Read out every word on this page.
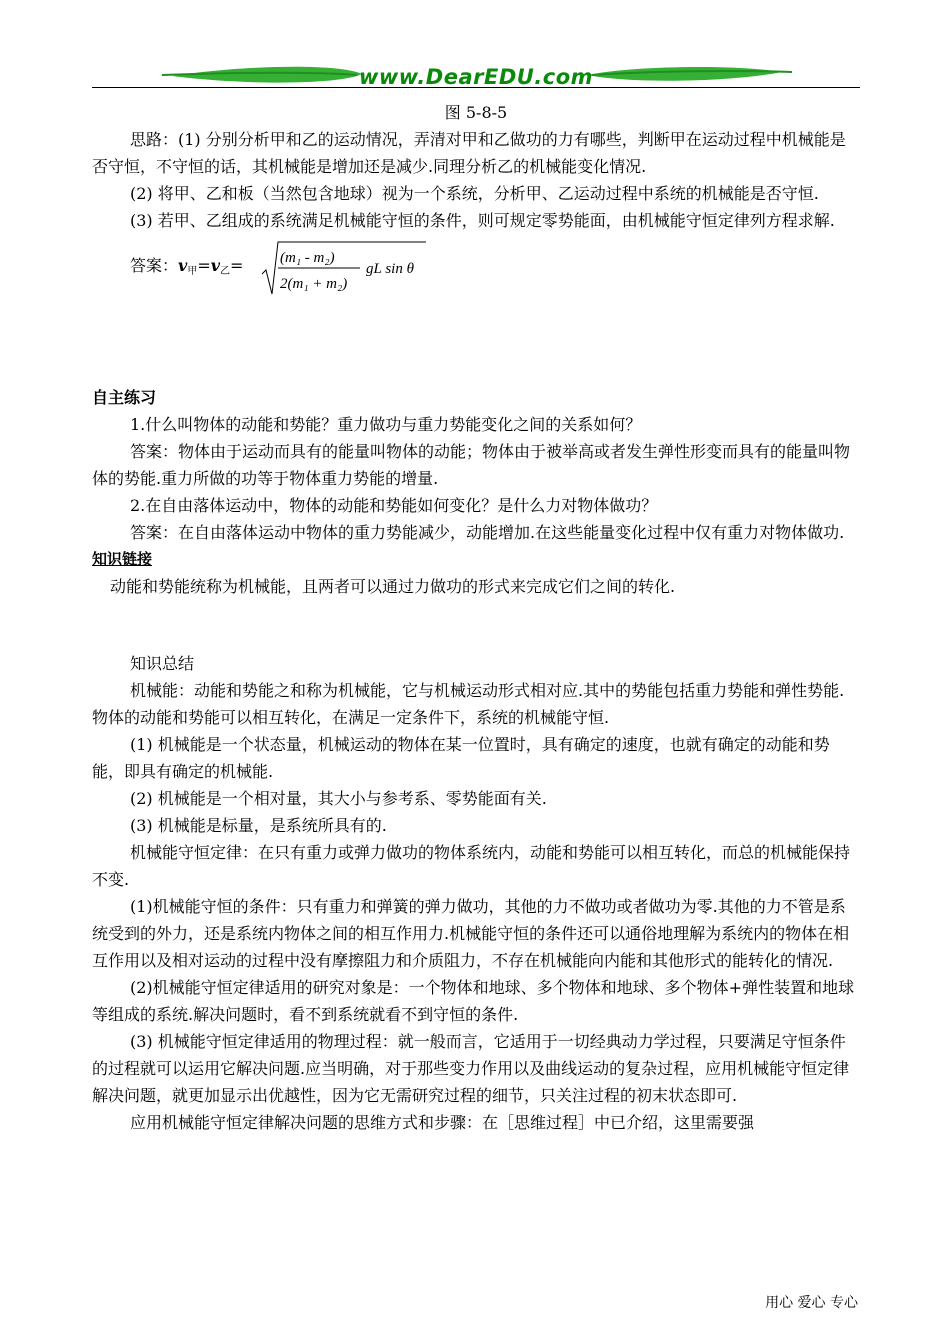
www.DearEDU.com

图 5-8-5

思路：(1) 分别分析甲和乙的运动情况，弄清对甲和乙做功的力有哪些，判断甲在运动过程中机械能是否守恒，不守恒的话，其机械能是增加还是减少.同理分析乙的机械能变化情况.

(2) 将甲、乙和板（当然包含地球）视为一个系统，分析甲、乙运动过程中系统的机械能是否守恒.

(3) 若甲、乙组成的系统满足机械能守恒的条件，则可规定零势能面，由机械能守恒定律列方程求解.

答案：$v_甲=v_乙= (m_1 - m_2)$
2(m₁ + m₂)
gL sin θ

自主练习

1.什么叫物体的动能和势能？重力做功与重力势能变化之间的关系如何？

答案：物体由于运动而具有的能量叫物体的动能；物体由于被举高或者发生弹性形变而具有的能量叫物体的势能.重力所做的功等于物体重力势能的增量.

2.在自由落体运动中，物体的动能和势能如何变化？是什么力对物体做功？

答案：在自由落体运动中物体的重力势能减少，动能增加.在这些能量变化过程中仅有重力对物体做功.

知识链接

动能和势能统称为机械能，且两者可以通过力做功的形式来完成它们之间的转化.

知识总结

机械能：动能和势能之和称为机械能，它与机械运动形式相对应.其中的势能包括重力势能和弹性势能.物体的动能和势能可以相互转化，在满足一定条件下，系统的机械能守恒.

(1) 机械能是一个状态量，机械运动的物体在某一位置时，具有确定的速度，也就有确定的动能和势能，即具有确定的机械能.

(2) 机械能是一个相对量，其大小与参考系、零势能面有关.

(3) 机械能是标量，是系统所具有的.

机械能守恒定律：在只有重力或弹力做功的物体系统内，动能和势能可以相互转化，而总的机械能保持不变.

(1)机械能守恒的条件：只有重力和弹簧的弹力做功，其他的力不做功或者做功为零.其他的力不管是系统受到的外力，还是系统内物体之间的相互作用力.机械能守恒的条件还可以通俗地理解为系统内的物体在相互作用以及相对运动的过程中没有摩擦阻力和介质阻力，不存在机械能向内能和其他形式的能转化的情况.

(2)机械能守恒定律适用的研究对象是：一个物体和地球、多个物体和地球、多个物体+弹性装置和地球等组成的系统.解决问题时，看不到系统就看不到守恒的条件.

(3) 机械能守恒定律适用的物理过程：就一般而言，它适用于一切经典动力学过程，只要满足守恒条件的过程就可以运用它解决问题.应当明确，对于那些变力作用以及曲线运动的复杂过程，应用机械能守恒定律解决问题，就更加显示出优越性，因为它无需研究过程的细节，只关注过程的初末状态即可.

应用机械能守恒定律解决问题的思维方式和步骤：在［思维过程］中已介绍，这里需要强

用心 爱心 专心
